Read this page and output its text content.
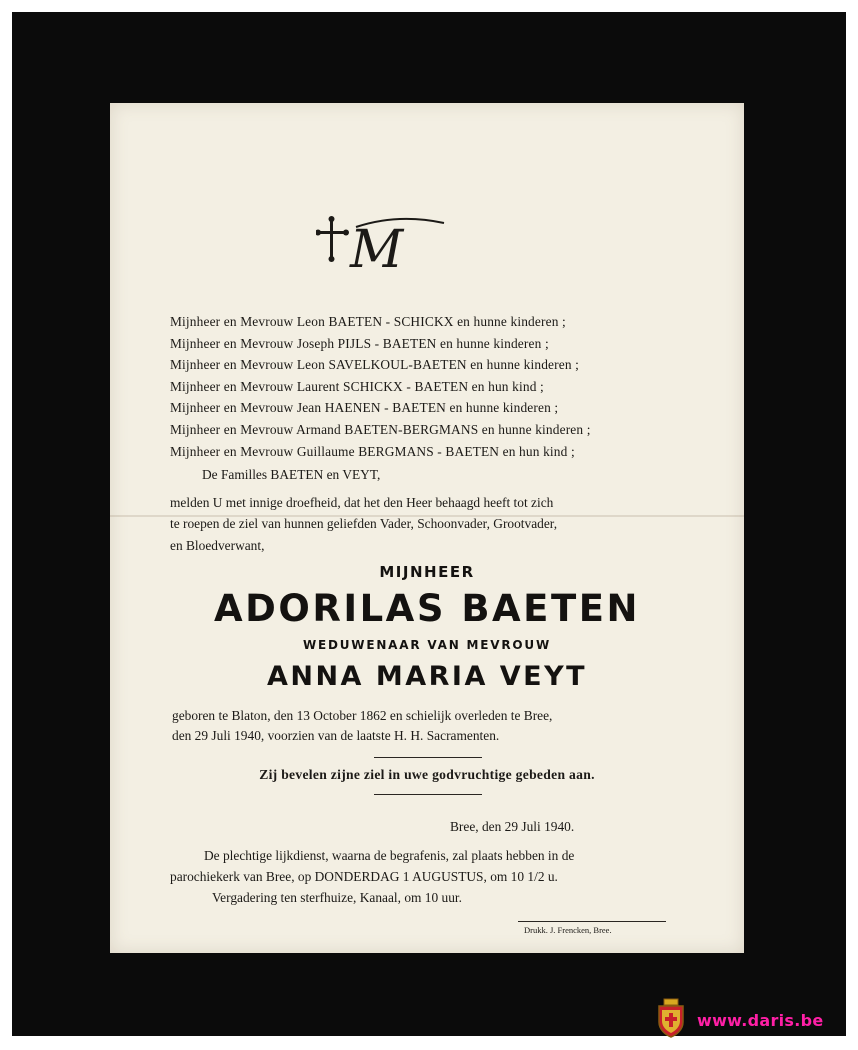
M
Mijnheer en Mevrouw Leon BAETEN - SCHICKX en hunne kinderen ;
Mijnheer en Mevrouw Joseph PIJLS - BAETEN en hunne kinderen ;
Mijnheer en Mevrouw Leon SAVELKOUL-BAETEN en hunne kinderen ;
Mijnheer en Mevrouw Laurent SCHICKX - BAETEN en hun kind ;
Mijnheer en Mevrouw Jean HAENEN - BAETEN en hunne kinderen ;
Mijnheer en Mevrouw Armand BAETEN-BERGMANS en hunne kinderen ;
Mijnheer en Mevrouw Guillaume BERGMANS - BAETEN en hun kind ;
De Familles BAETEN en VEYT,
melden U met innige droefheid, dat het den Heer behaagd heeft tot zich
te roepen de ziel van hunnen geliefden Vader, Schoonvader, Grootvader,
en Bloedverwant,
MIJNHEER
ADORILAS BAETEN
WEDUWENAAR VAN MEVROUW
ANNA MARIA VEYT
geboren te Blaton, den 13 October 1862 en schielijk overleden te Bree,
den 29 Juli 1940, voorzien van de laatste H. H. Sacramenten.
Zij bevelen zijne ziel in uwe godvruchtige gebeden aan.
Bree, den 29 Juli 1940.
De plechtige lijkdienst, waarna de begrafenis, zal plaats hebben in de
parochiekerk van Bree, op DONDERDAG 1 AUGUSTUS, om 10 1/2 u.
Vergadering ten sterfhuize, Kanaal, om 10 uur.
Drukk. J. Frencken, Bree.
www.daris.be
